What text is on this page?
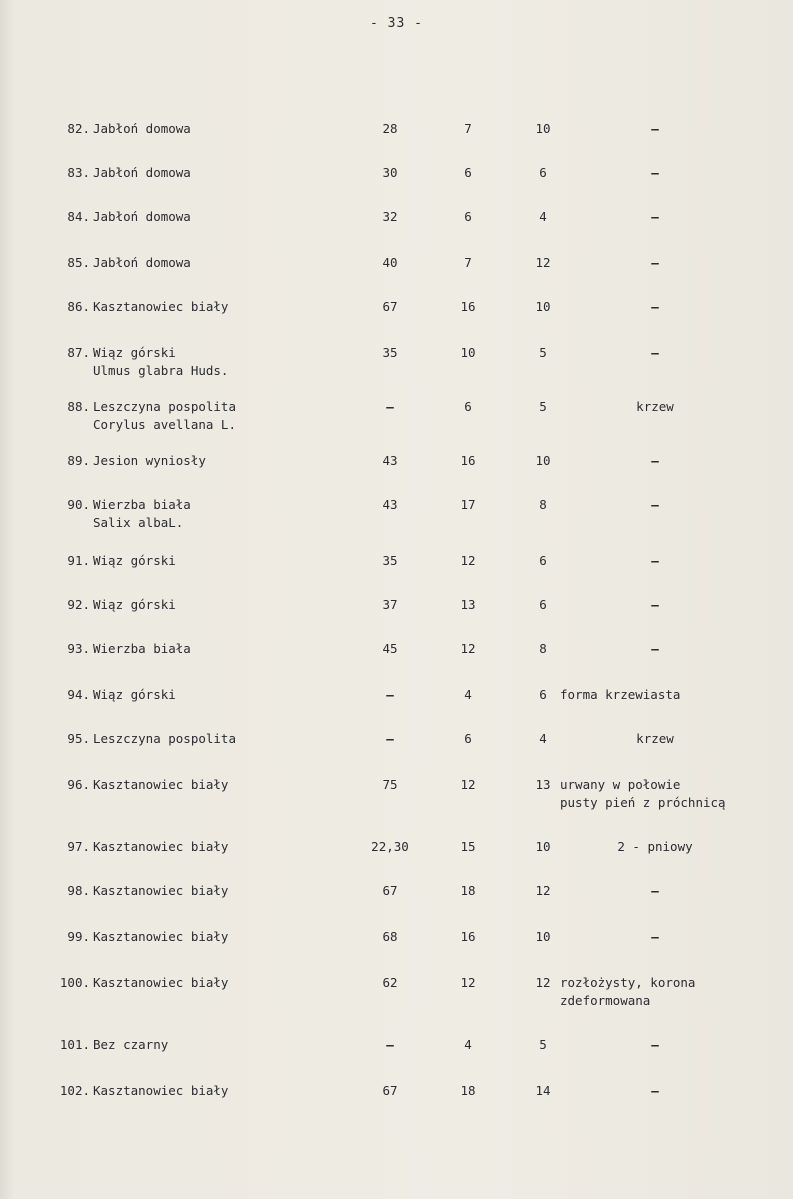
- 33 -
82. Jabłoń domowa	28	7	10	–
83. Jabłoń domowa	30	6	6	–
84. Jabłoń domowa	32	6	4	–
85. Jabłoń domowa	40	7	12	–
86. Kasztanowiec biały	67	16	10	–
87. Wiąz górski
Ulmus glabra Huds.
35	10	5	–
88. Leszczyna pospolita
Corylus avellana L.
–	6	5	krzew
89. Jesion wyniosły	43	16	10	–
90. Wierzba biała
Salix albaL.
43	17	8	–
91. Wiąz górski	35	12	6	–
92. Wiąz górski	37	13	6	–
93. Wierzba biała	45	12	8	–
94. Wiąz górski	–	4	6	forma krzewiasta
95. Leszczyna pospolita	–	6	4	krzew
96. Kasztanowiec biały	75	12	13 urwany w połowie
pusty pień z próchnicą
97. Kasztanowiec biały	22,30	15	10	2 - pniowy
98. Kasztanowiec biały	67	18	12	–
99. Kasztanowiec biały	68	16	10	–
100. Kasztanowiec biały	62	12	12 rozłożysty, korona
zdeformowana
101. Bez czarny	–	4	5	–
102. Kasztanowiec biały	67	18	14	–
